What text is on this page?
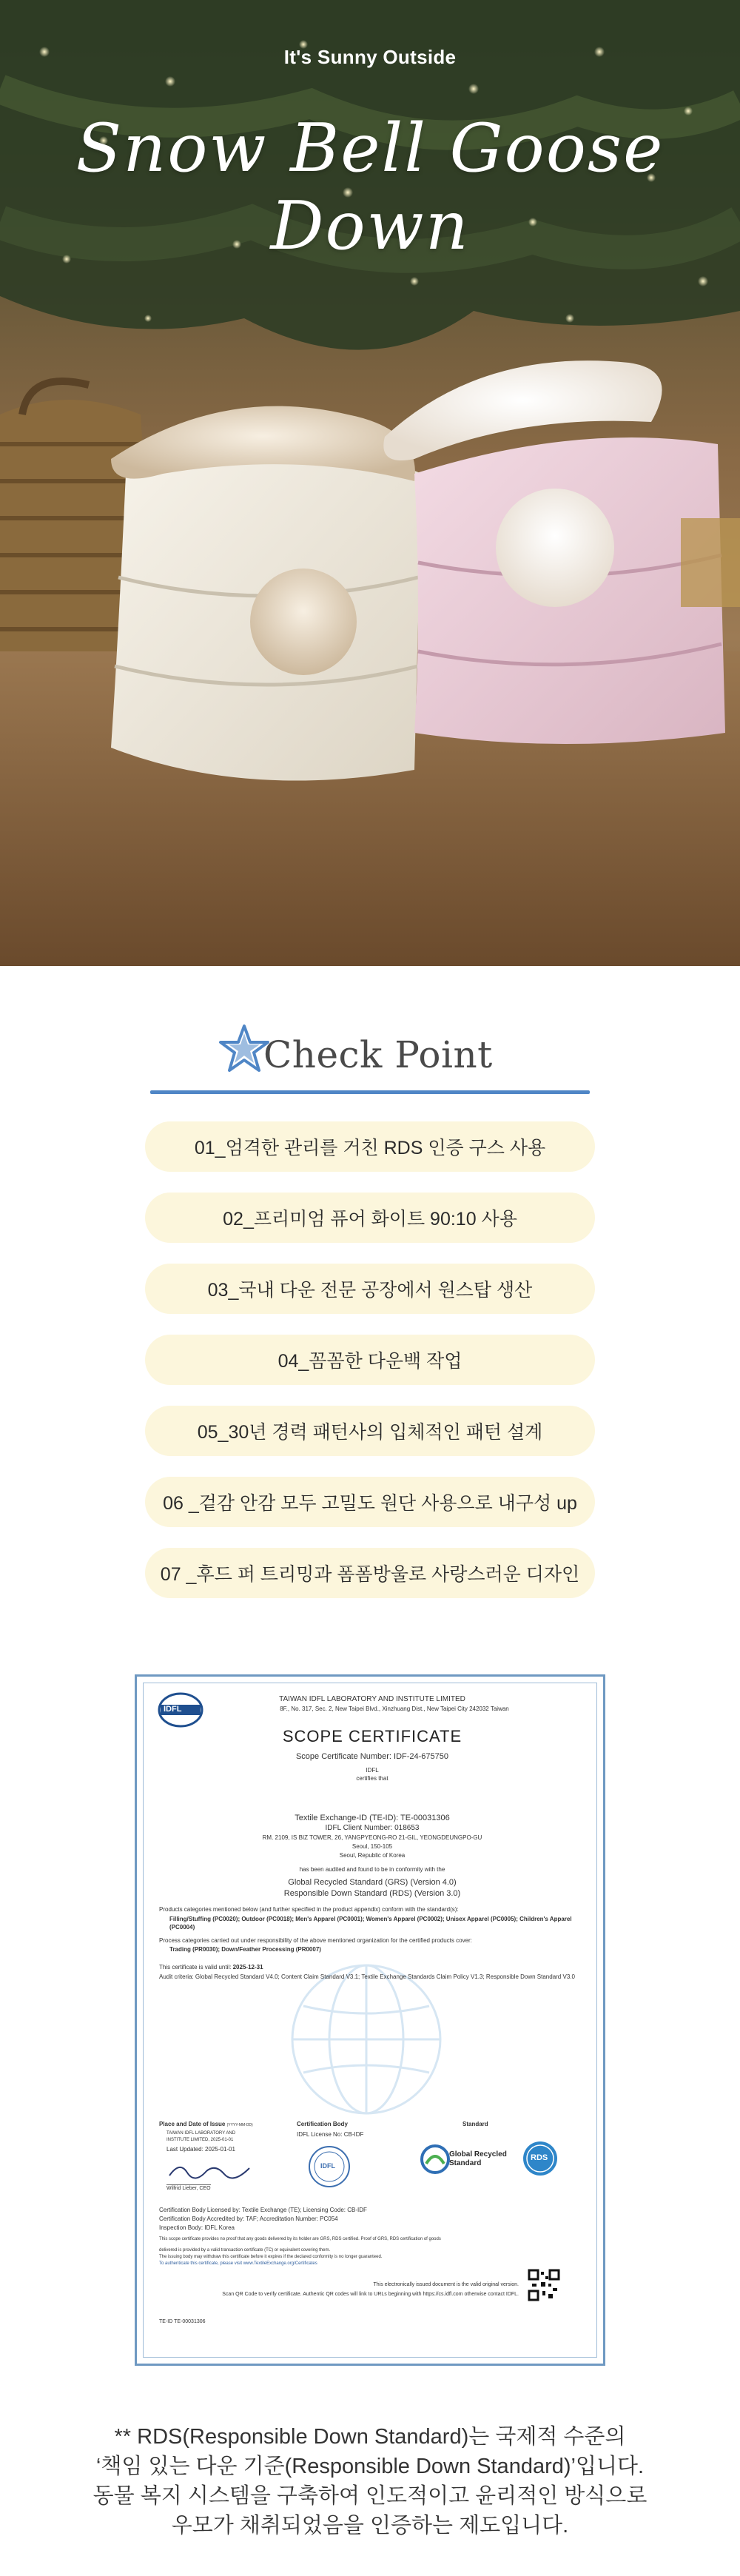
It's Sunny Outside
Snow Bell Goose Down
Check Point
01_엄격한 관리를 거친 RDS 인증 구스 사용
02_프리미엄 퓨어 화이트 90:10 사용
03_국내 다운 전문 공장에서 원스탑 생산
04_꼼꼼한 다운백 작업
05_30년 경력 패턴사의 입체적인 패턴 설계
06 _겉감 안감 모두 고밀도 원단 사용으로 내구성 up
07 _후드 퍼 트리밍과 폼폼방울로 사랑스러운 디자인
IDFL
TAIWAN IDFL LABORATORY AND INSTITUTE LIMITED
8F., No. 317, Sec. 2, New Taipei Blvd., Xinzhuang Dist., New Taipei City 242032 Taiwan
SCOPE CERTIFICATE
Scope Certificate Number: IDF-24-675750
IDFL
certifies that
Textile Exchange-ID (TE-ID): TE-00031306
IDFL Client Number: 018653
RM. 2109, IS BIZ TOWER, 26, YANGPYEONG-RO 21-GIL, YEONGDEUNGPO-GU
Seoul, 150-105
Seoul, Republic of Korea
has been audited and found to be in conformity with the
Global Recycled Standard (GRS) (Version 4.0)
Responsible Down Standard (RDS) (Version 3.0)
Products categories mentioned below (and further specified in the product appendix) conform with the standard(s):
Filling/Stuffing (PC0020); Outdoor (PC0018); Men's Apparel (PC0001); Women's Apparel (PC0002); Unisex Apparel (PC0005); Children's Apparel (PC0004)
Process categories carried out under responsibility of the above mentioned organization for the certified products cover:
Trading (PR0030); Down/Feather Processing (PR0007)
This certificate is valid until: 2025-12-31
Audit criteria: Global Recycled Standard V4.0; Content Claim Standard V3.1; Textile Exchange Standards Claim Policy V1.3; Responsible Down Standard V3.0
Place and Date of Issue (YYYY-MM-DD)
TAIWAN IDFL LABORATORY AND
INSTITUTE LIMITED, 2025-01-01
Last Updated: 2025-01-01
Wilfrid Lieber, CEO
Certification Body
IDFL License No: CB-IDF
IDFL
Standard
Global Recycled Standard
RDS
Certification Body Licensed by: Textile Exchange (TE); Licensing Code: CB-IDF
Certification Body Accredited by: TAF; Accreditation Number: PC054
Inspection Body: IDFL Korea
This scope certificate provides no proof that any goods delivered by its holder are GRS, RDS certified. Proof of GRS, RDS certification of goods
delivered is provided by a valid transaction certificate (TC) or equivalent covering them.
The issuing body may withdraw this certificate before it expires if the declared conformity is no longer guaranteed.
To authenticate this certificate, please visit www.TextileExchange.org/Certificates
This electronically issued document is the valid original version.
Scan QR Code to verify certificate. Authentic QR codes will link to URLs beginning with https://cs.idfl.com otherwise contact IDFL.
TE-ID TE-00031306
** RDS(Responsible Down Standard)는 국제적 수준의
‘책임 있는 다운 기준(Responsible Down Standard)’입니다.
동물 복지 시스템을 구축하여 인도적이고 윤리적인 방식으로
우모가 채취되었음을 인증하는 제도입니다.
